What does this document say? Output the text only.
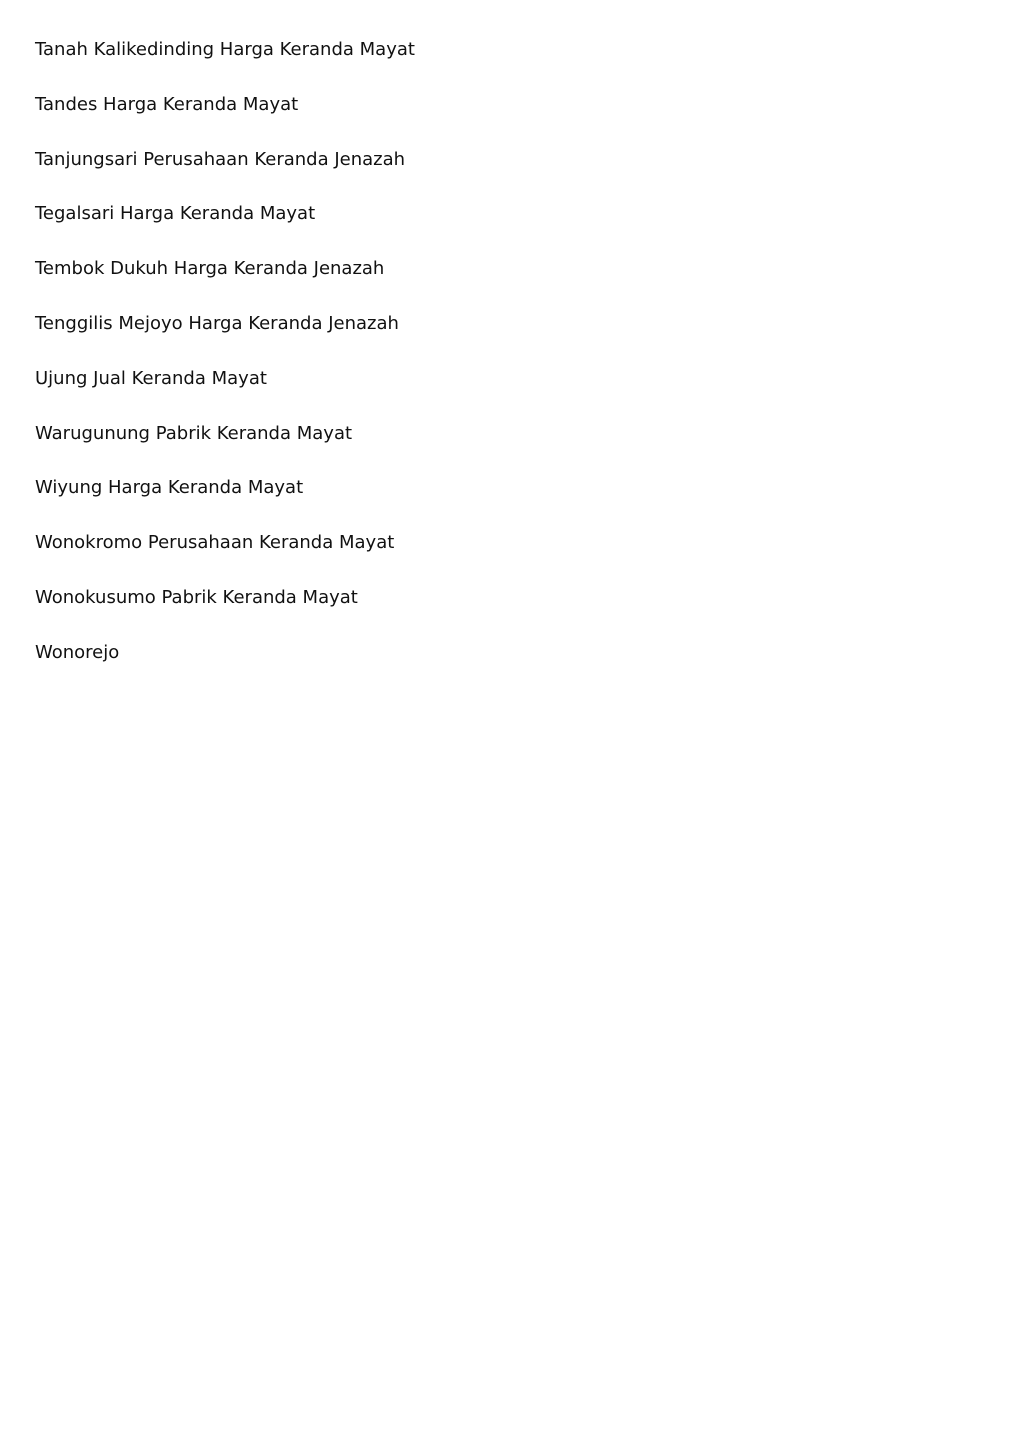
Tanah Kalikedinding Harga Keranda Mayat
Tandes Harga Keranda Mayat
Tanjungsari Perusahaan Keranda Jenazah
Tegalsari Harga Keranda Mayat
Tembok Dukuh Harga Keranda Jenazah
Tenggilis Mejoyo Harga Keranda Jenazah
Ujung Jual Keranda Mayat
Warugunung Pabrik Keranda Mayat
Wiyung Harga Keranda Mayat
Wonokromo Perusahaan Keranda Mayat
Wonokusumo Pabrik Keranda Mayat
Wonorejo
